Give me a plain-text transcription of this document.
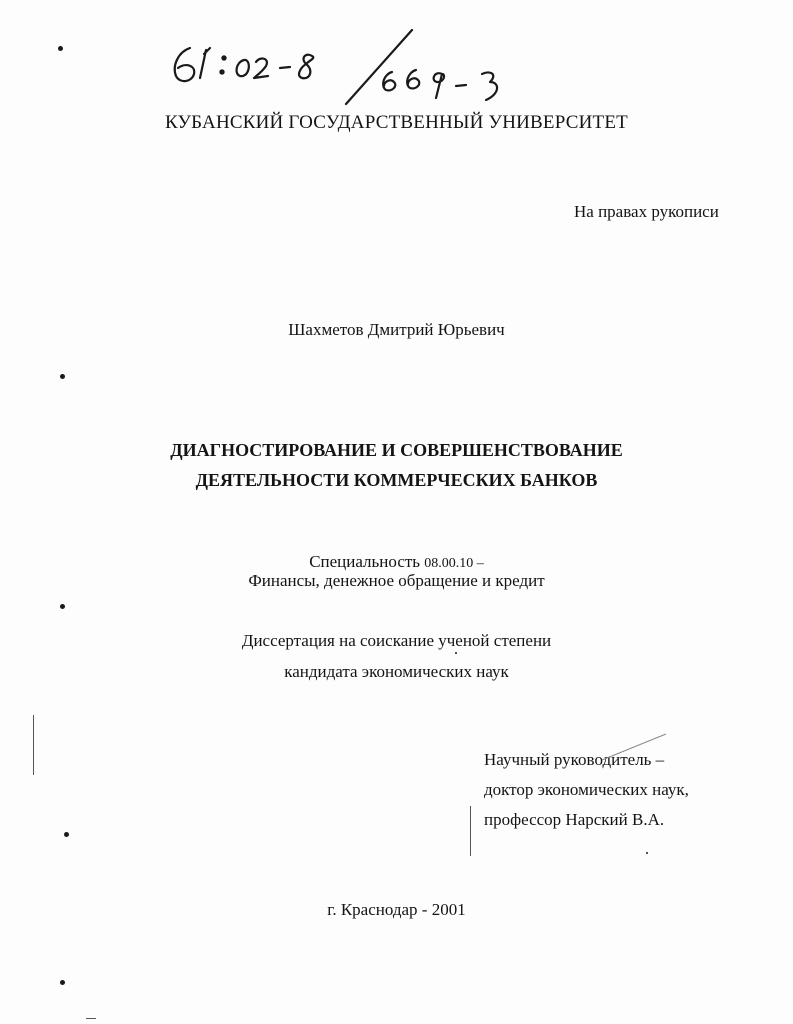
61:02-8/669-3
КУБАНСКИЙ ГОСУДАРСТВЕННЫЙ УНИВЕРСИТЕТ
На правах рукописи
Шахметов Дмитрий Юрьевич
ДИАГНОСТИРОВАНИЕ И СОВЕРШЕНСТВОВАНИЕ
ДЕЯТЕЛЬНОСТИ КОММЕРЧЕСКИХ БАНКОВ
Специальность 08.00.10 –
Финансы, денежное обращение и кредит
Диссертация на соискание ученой степени
кандидата экономических наук
Научный руководитель –
доктор экономических наук,
профессор Нарский В.А.
г. Краснодар - 2001
